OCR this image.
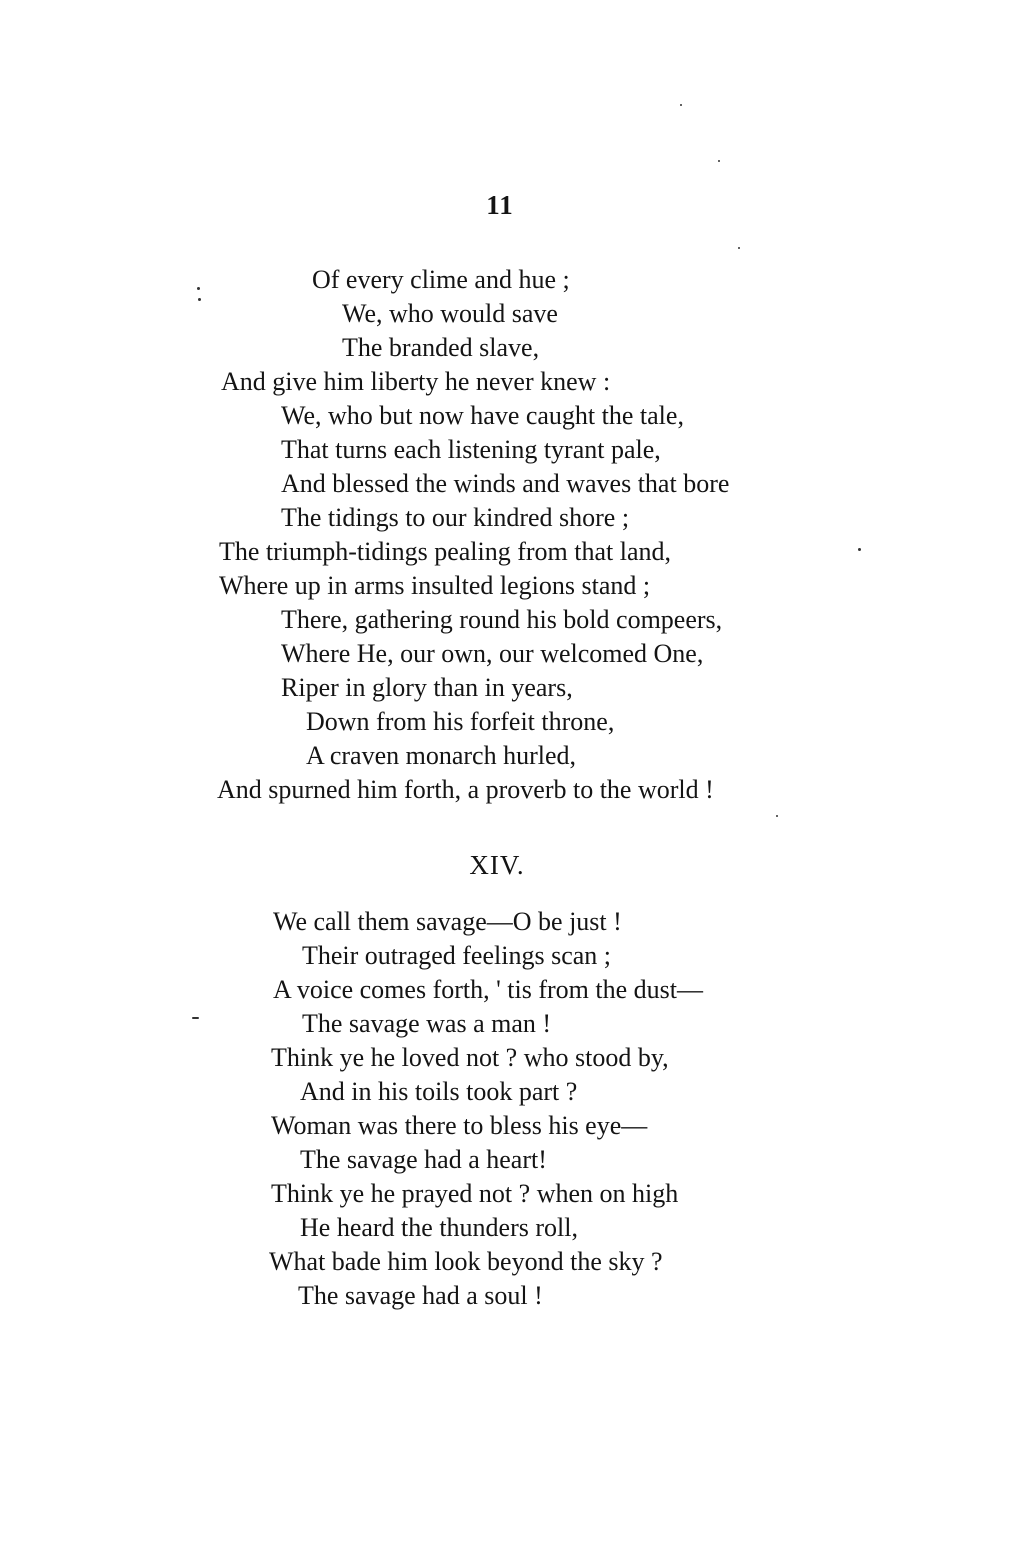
11
Of every clime and hue ;
We, who would save
The branded slave,
And give him liberty he never knew :
We, who but now have caught the tale,
That turns each listening tyrant pale,
And blessed the winds and waves that bore
The tidings to our kindred shore ;
The triumph-tidings pealing from that land,
Where up in arms insulted legions stand ;
There, gathering round his bold compeers,
Where He, our own, our welcomed One,
Riper in glory than in years,
Down from his forfeit throne,
A craven monarch hurled,
And spurned him forth, a proverb to the world !
XIV.
We call them savage—O be just !
Their outraged feelings scan ;
A voice comes forth, ' tis from the dust—
The savage was a man !
Think ye he loved not ? who stood by,
And in his toils took part ?
Woman was there to bless his eye—
The savage had a heart!
Think ye he prayed not ? when on high
He heard the thunders roll,
What bade him look beyond the sky ?
The savage had a soul !
